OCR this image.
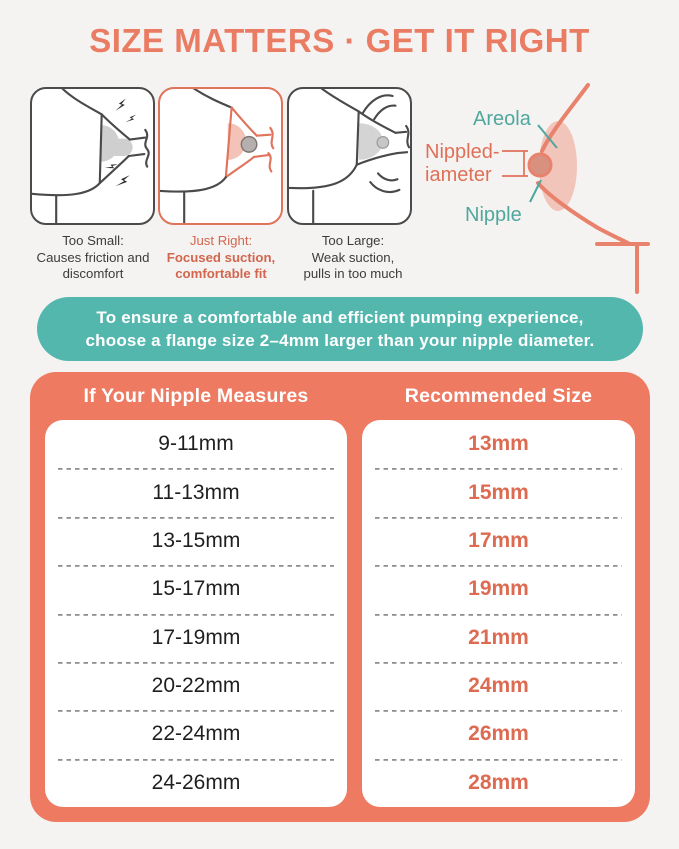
SIZE MATTERS · GET IT RIGHT
Too Small:
Causes friction and
discomfort
Just Right:
Focused suction,
comfortable fit
Too Large:
Weak suction,
pulls in too much
Areola
Nippled-
iameter
Nipple
To ensure a comfortable and efficient pumping experience,
choose a flange size 2–4mm larger than your nipple diameter.
If Your Nipple Measures	Recommended Size
9-11mm
11-13mm
13-15mm
15-17mm
17-19mm
20-22mm
22-24mm
24-26mm
13mm
15mm
17mm
19mm
21mm
24mm
26mm
28mm
